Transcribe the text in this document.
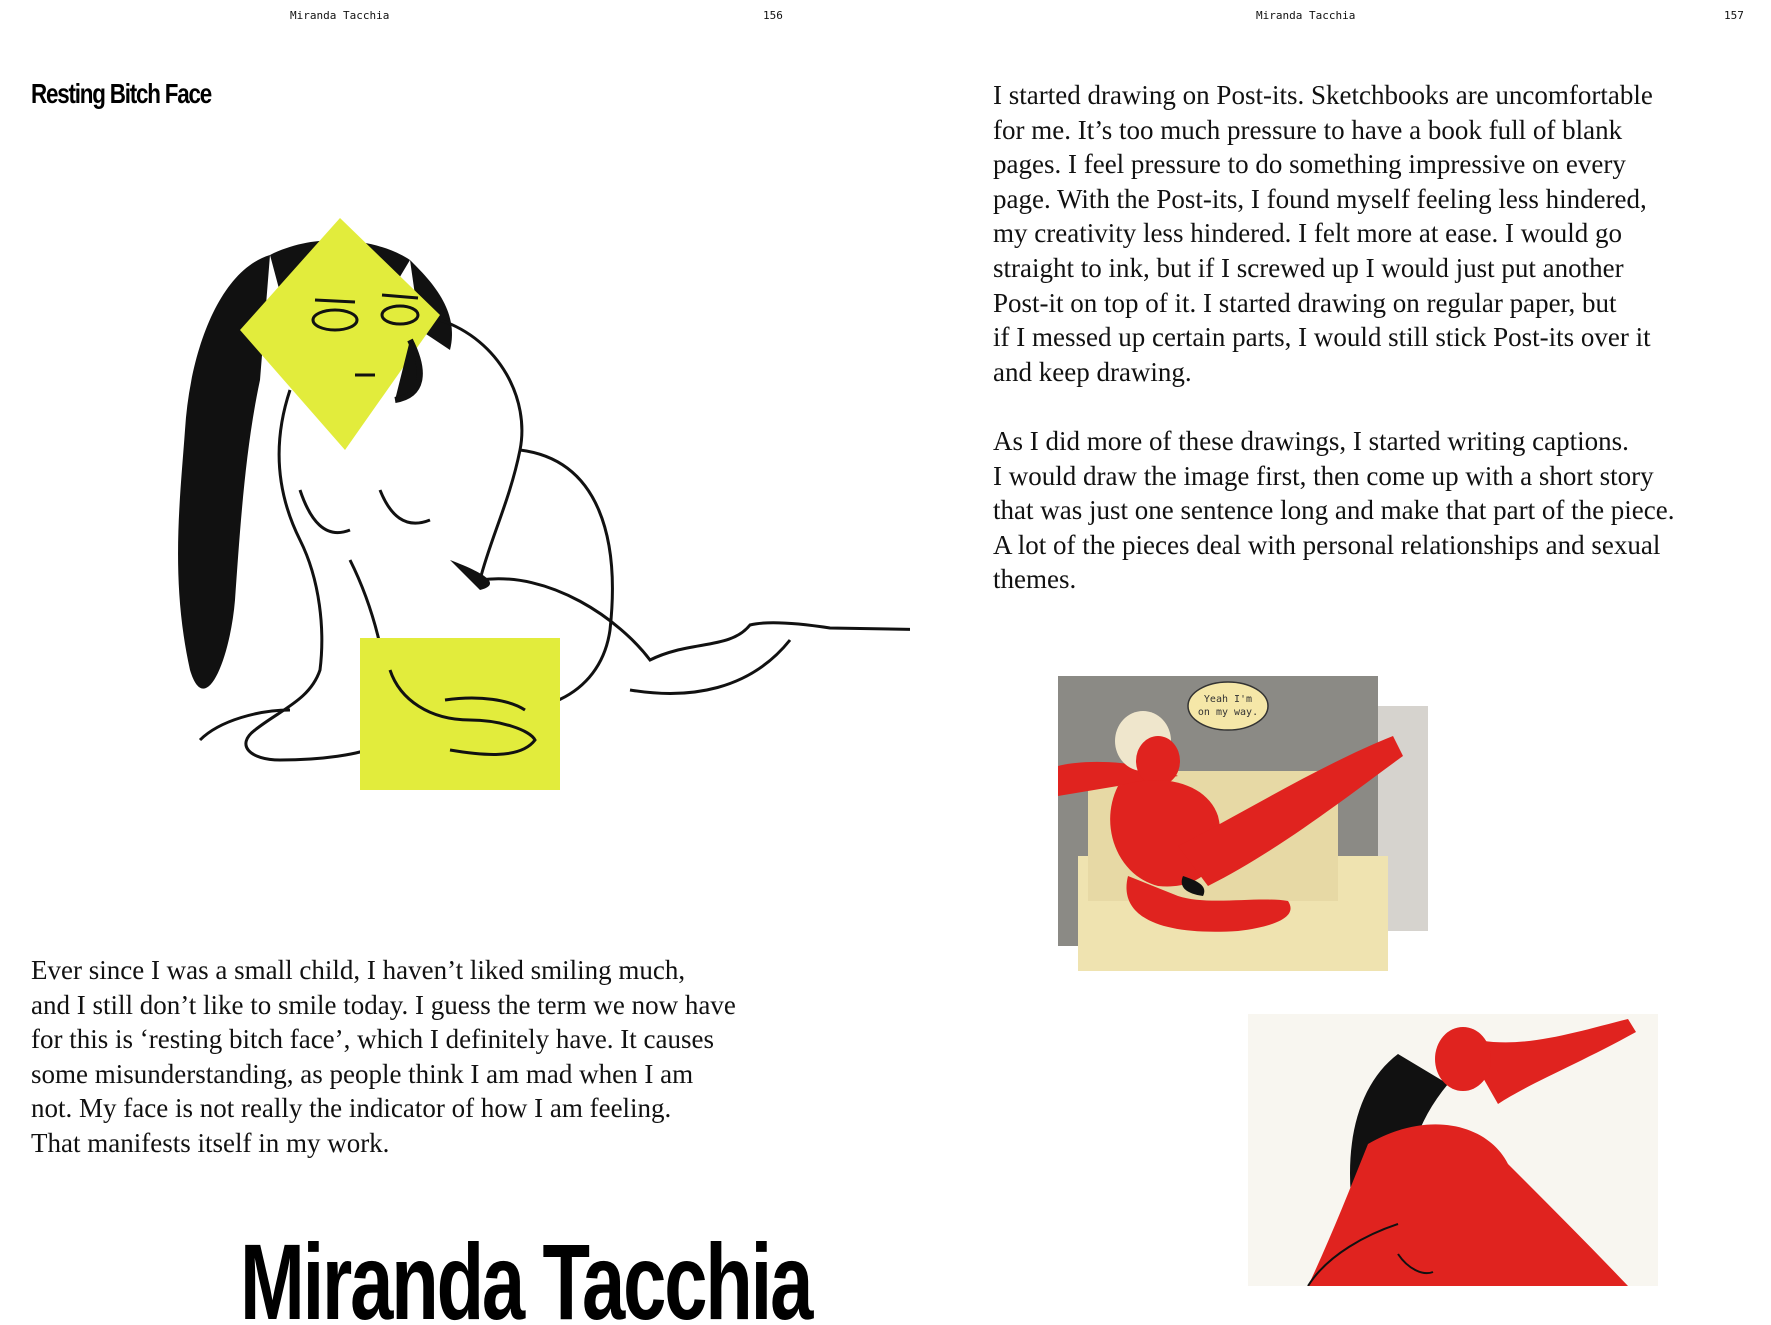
Miranda Tacchia	156	Miranda Tacchia	157
Resting Bitch Face

Ever since I was a small child, I haven’t liked smiling much,
and I still don’t like to smile today. I guess the term we now have
for this is ‘resting bitch face’, which I definitely have. It causes
some misunderstanding, as people think I am mad when I am
not. My face is not really the indicator of how I am feeling.
That manifests itself in my work.

Miranda Tacchia

I started drawing on Post-its. Sketchbooks are uncomfortable
for me. It’s too much pressure to have a book full of blank
pages. I feel pressure to do something impressive on every
page. With the Post-its, I found myself feeling less hindered,
my creativity less hindered. I felt more at ease. I would go
straight to ink, but if I screwed up I would just put another
Post-it on top of it. I started drawing on regular paper, but
if I messed up certain parts, I would still stick Post-its over it
and keep drawing.

As I did more of these drawings, I started writing captions.
I would draw the image first, then come up with a short story
that was just one sentence long and make that part of the piece.
A lot of the pieces deal with personal relationships and sexual
themes.

Yeah I'm
on my way.
